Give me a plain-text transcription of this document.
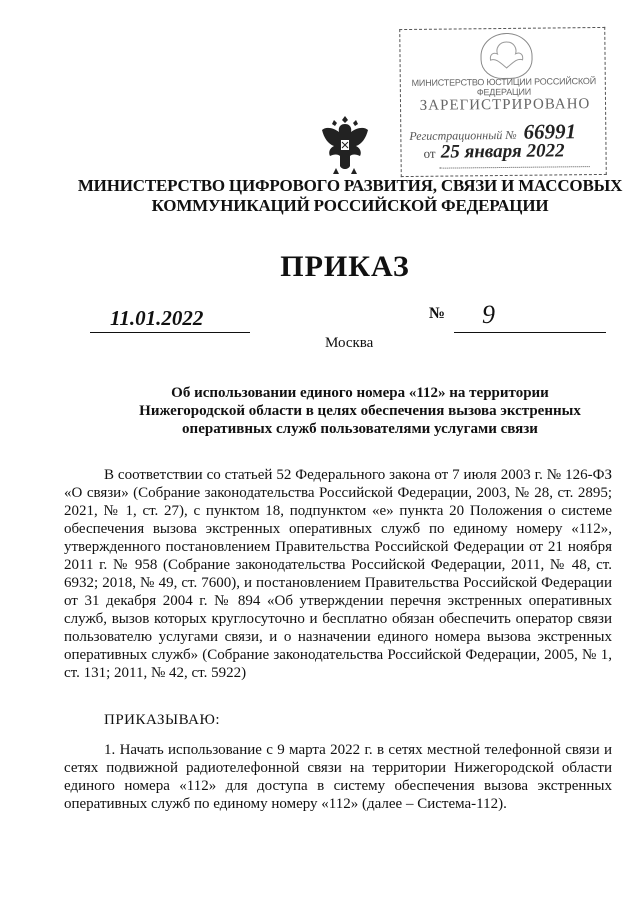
МИНИСТЕРСТВО ЮСТИЦИИ РОССИЙСКОЙ ФЕДЕРАЦИИ
ЗАРЕГИСТРИРОВАНО
Регистрационный № 66991
от 25 января 2022
МИНИСТЕРСТВО ЦИФРОВОГО РАЗВИТИЯ, СВЯЗИ И МАССОВЫХ
КОММУНИКАЦИЙ РОССИЙСКОЙ ФЕДЕРАЦИИ
ПРИКАЗ
11.01.2022	№ 9
Москва
Об использовании единого номера «112» на территории
Нижегородской области в целях обеспечения вызова экстренных
оперативных служб пользователями услугами связи
В соответствии со статьей 52 Федерального закона от 7 июля 2003 г. № 126-ФЗ «О связи» (Собрание законодательства Российской Федерации, 2003, № 28, ст. 2895; 2021, № 1, ст. 27), с пунктом 18, подпунктом «е» пункта 20 Положения о системе обеспечения вызова экстренных оперативных служб по единому номеру «112», утвержденного постановлением Правительства Российской Федерации от 21 ноября 2011 г. № 958 (Собрание законодательства Российской Федерации, 2011, № 48, ст. 6932; 2018, № 49, ст. 7600), и постановлением Правительства Российской Федерации от 31 декабря 2004 г. № 894 «Об утверждении перечня экстренных оперативных служб, вызов которых круглосуточно и бесплатно обязан обеспечить оператор связи пользователю услугами связи, и о назначении единого номера вызова экстренных оперативных служб» (Собрание законодательства Российской Федерации, 2005, № 1, ст. 131; 2011, № 42, ст. 5922)
ПРИКАЗЫВАЮ:
1. Начать использование с 9 марта 2022 г. в сетях местной телефонной связи и сетях подвижной радиотелефонной связи на территории Нижегородской области единого номера «112» для доступа в систему обеспечения вызова экстренных оперативных служб по единому номеру «112» (далее – Система-112).
